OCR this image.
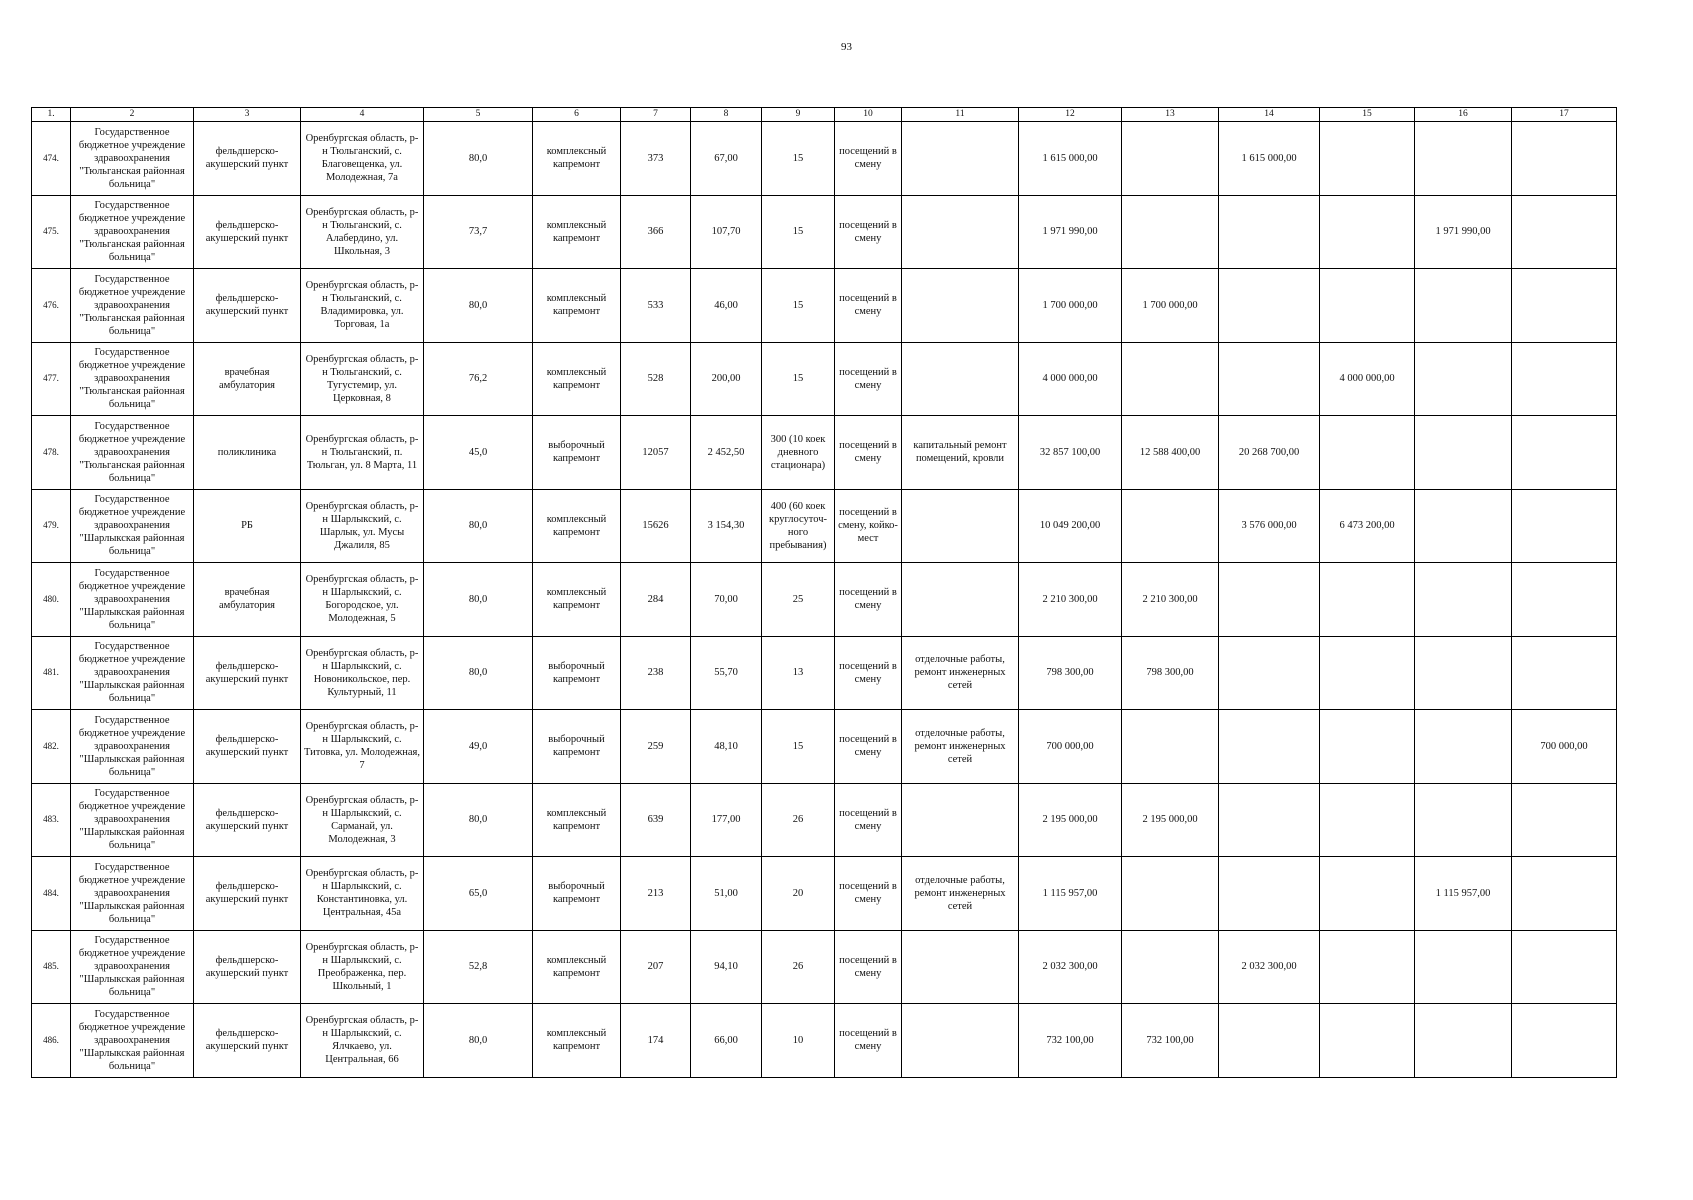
93
1.	2	3	4	5	6	7	8	9	10	11	12	13	14	15	16	17
474.	Государственное бюджетное учреждение здравоохранения "Тюльганская районная больница"	фельдшерско-акушерский пункт	Оренбургская область, р-н Тюльганский, с. Благовещенка, ул. Молодежная, 7а	80,0	комплексный капремонт	373	67,00	15	посещений в смену		1 615 000,00		1 615 000,00			
475.	Государственное бюджетное учреждение здравоохранения "Тюльганская районная больница"	фельдшерско-акушерский пункт	Оренбургская область, р-н Тюльганский, с. Алабердино, ул. Школьная, 3	73,7	комплексный капремонт	366	107,70	15	посещений в смену		1 971 990,00				1 971 990,00	
476.	Государственное бюджетное учреждение здравоохранения "Тюльганская районная больница"	фельдшерско-акушерский пункт	Оренбургская область, р-н Тюльганский, с. Владимировка, ул. Торговая, 1а	80,0	комплексный капремонт	533	46,00	15	посещений в смену		1 700 000,00	1 700 000,00				
477.	Государственное бюджетное учреждение здравоохранения "Тюльганская районная больница"	врачебная амбулатория	Оренбургская область, р-н Тюльганский, с. Тугустемир, ул. Церковная, 8	76,2	комплексный капремонт	528	200,00	15	посещений в смену		4 000 000,00			4 000 000,00		
478.	Государственное бюджетное учреждение здравоохранения "Тюльганская районная больница"	поликлиника	Оренбургская область, р-н Тюльганский, п. Тюльган, ул. 8 Марта, 11	45,0	выборочный капремонт	12057	2 452,50	300 (10 коек дневного стационара)	посещений в смену	капитальный ремонт помещений, кровли	32 857 100,00	12 588 400,00	20 268 700,00			
479.	Государственное бюджетное учреждение здравоохранения "Шарлыкская районная больница"	РБ	Оренбургская область, р-н Шарлыкский, с. Шарлык, ул. Мусы Джалиля, 85	80,0	комплексный капремонт	15626	3 154,30	400 (60 коек круглосуточ-ного пребывания)	посещений в смену, койко-мест		10 049 200,00		3 576 000,00	6 473 200,00		
480.	Государственное бюджетное учреждение здравоохранения "Шарлыкская районная больница"	врачебная амбулатория	Оренбургская область, р-н Шарлыкский, с. Богородское, ул. Молодежная, 5	80,0	комплексный капремонт	284	70,00	25	посещений в смену		2 210 300,00	2 210 300,00				
481.	Государственное бюджетное учреждение здравоохранения "Шарлыкская районная больница"	фельдшерско-акушерский пункт	Оренбургская область, р-н Шарлыкский, с. Новоникольское, пер. Культурный, 11	80,0	выборочный капремонт	238	55,70	13	посещений в смену	отделочные работы, ремонт инженерных сетей	798 300,00	798 300,00				
482.	Государственное бюджетное учреждение здравоохранения "Шарлыкская районная больница"	фельдшерско-акушерский пункт	Оренбургская область, р-н Шарлыкский, с. Титовка, ул. Молодежная, 7	49,0	выборочный капремонт	259	48,10	15	посещений в смену	отделочные работы, ремонт инженерных сетей	700 000,00					700 000,00
483.	Государственное бюджетное учреждение здравоохранения "Шарлыкская районная больница"	фельдшерско-акушерский пункт	Оренбургская область, р-н Шарлыкский, с. Сарманай, ул. Молодежная, 3	80,0	комплексный капремонт	639	177,00	26	посещений в смену		2 195 000,00	2 195 000,00				
484.	Государственное бюджетное учреждение здравоохранения "Шарлыкская районная больница"	фельдшерско-акушерский пункт	Оренбургская область, р-н Шарлыкский, с. Константиновка, ул. Центральная, 45а	65,0	выборочный капремонт	213	51,00	20	посещений в смену	отделочные работы, ремонт инженерных сетей	1 115 957,00				1 115 957,00	
485.	Государственное бюджетное учреждение здравоохранения "Шарлыкская районная больница"	фельдшерско-акушерский пункт	Оренбургская область, р-н Шарлыкский, с. Преображенка, пер. Школьный, 1	52,8	комплексный капремонт	207	94,10	26	посещений в смену		2 032 300,00		2 032 300,00			
486.	Государственное бюджетное учреждение здравоохранения "Шарлыкская районная больница"	фельдшерско-акушерский пункт	Оренбургская область, р-н Шарлыкский, с. Ялчкаево, ул. Центральная, 66	80,0	комплексный капремонт	174	66,00	10	посещений в смену		732 100,00	732 100,00				
